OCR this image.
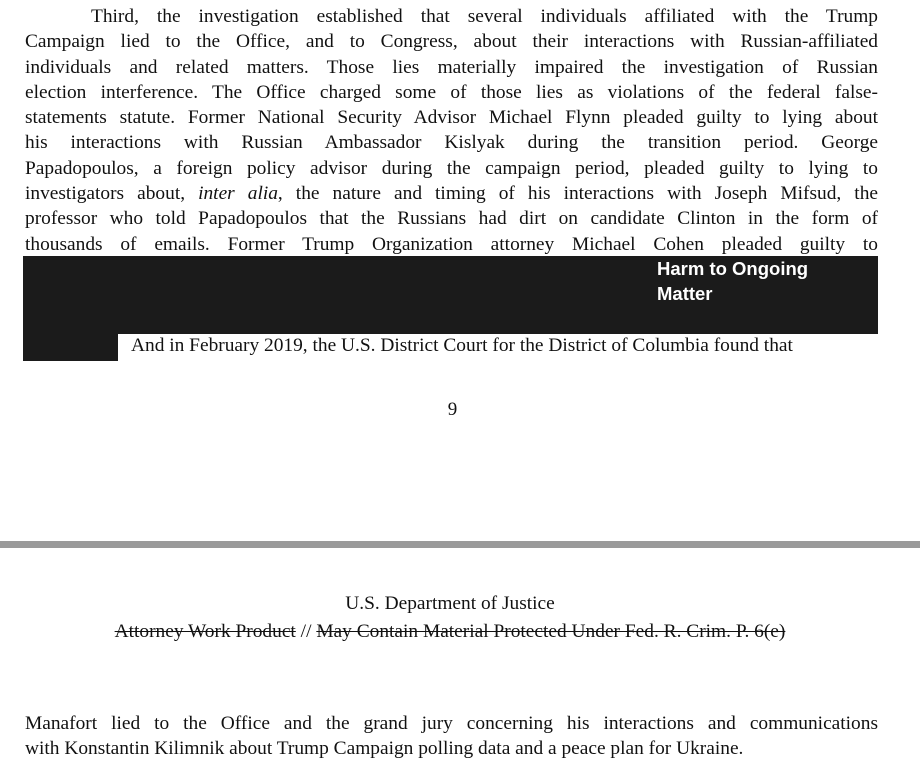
Third, the investigation established that several individuals affiliated with the Trump
Campaign lied to the Office, and to Congress, about their interactions with Russian-affiliated
individuals and related matters. Those lies materially impaired the investigation of Russian
election interference. The Office charged some of those lies as violations of the federal false-
statements statute. Former National Security Advisor Michael Flynn pleaded guilty to lying about
his interactions with Russian Ambassador Kislyak during the transition period. George
Papadopoulos, a foreign policy advisor during the campaign period, pleaded guilty to lying to
investigators about, inter alia, the nature and timing of his interactions with Joseph Mifsud, the
professor who told Papadopoulos that the Russians had dirt on candidate Clinton in the form of
thousands of emails. Former Trump Organization attorney Michael Cohen pleaded guilty to

Harm to Ongoing
Matter
And in February 2019, the U.S. District Court for the District of Columbia found that
9
U.S. Department of Justice
Attorney Work Product // May Contain Material Protected Under Fed. R. Crim. P. 6(e)

Manafort lied to the Office and the grand jury concerning his interactions and communications
with Konstantin Kilimnik about Trump Campaign polling data and a peace plan for Ukraine.
